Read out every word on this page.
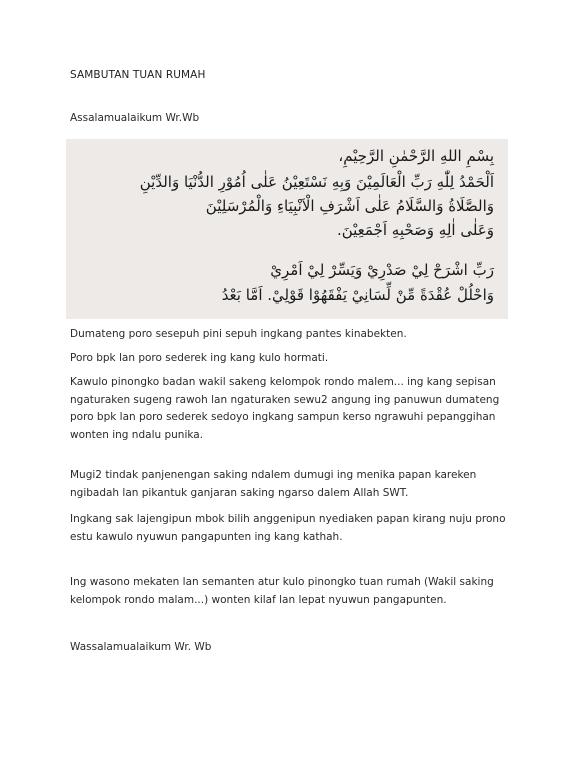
SAMBUTAN TUAN RUMAH
Assalamualaikum Wr.Wb
بِسْمِ اللهِ الرَّحْمٰنِ الرَّحِيْمِ،
اَلْحَمْدُ لِلّٰهِ رَبِّ الْعَالَمِيْنَ وَبِهِ نَسْتَعِيْنُ عَلٰى اُمُوْرِ الدُّنْيَا وَالدِّيْنِ
وَالصَّلَاةُ وَالسَّلَامُ عَلٰى اَشْرَفِ الْاَنْبِيَاءِ وَالْمُرْسَلِيْنَ
وَعَلٰى اٰلِهِ وَصَحْبِهِ اَجْمَعِيْنَ.
رَبِّ اشْرَحْ لِيْ صَدْرِيْ وَيَسِّرْ لِيْ اَمْرِيْ
وَاحْلُلْ عُقْدَةً مِّنْ لِّسَانِيْ يَفْقَهُوْا قَوْلِيْ. اَمَّا بَعْدُ

Dumateng poro sesepuh pini sepuh ingkang pantes kinabekten.

Poro bpk lan poro sederek ing kang kulo hormati.

Kawulo pinongko badan wakil sakeng kelompok rondo malem... ing kang sepisan ngaturaken sugeng rawoh lan ngaturaken sewu2 angung ing panuwun dumateng poro bpk lan poro sederek sedoyo ingkang sampun kerso ngrawuhi pepanggihan wonten ing ndalu punika.

Mugi2 tindak panjenengan saking ndalem dumugi ing menika papan kareken ngibadah lan pikantuk ganjaran saking ngarso dalem Allah SWT.

Ingkang sak lajengipun mbok bilih anggenipun nyediaken papan kirang nuju prono estu kawulo nyuwun pangapunten ing kang kathah.

Ing wasono mekaten lan semanten atur kulo pinongko tuan rumah (Wakil saking kelompok rondo malam...) wonten kilaf lan lepat nyuwun pangapunten.

Wassalamualaikum Wr. Wb
